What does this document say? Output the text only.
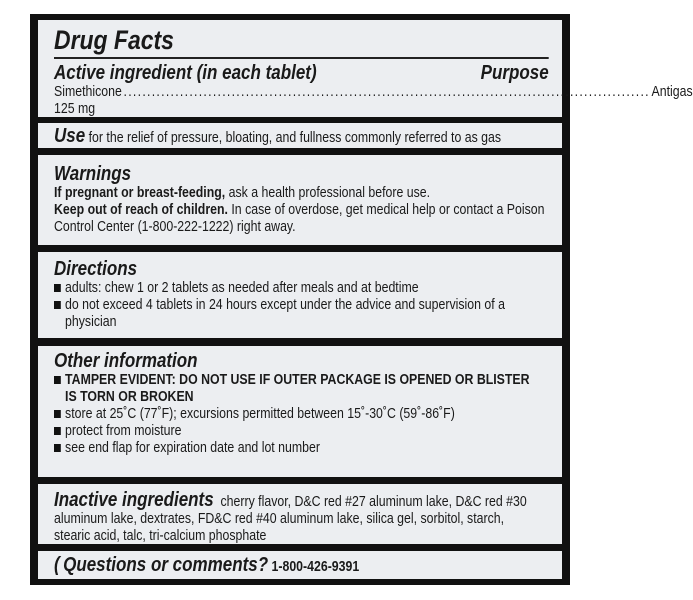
Drug Facts
Active ingredient (in each tablet)	Purpose
Simethicone 125 mg
................................................................................................................ Antigas
Use for the relief of pressure, bloating, and fullness commonly referred to as gas
Warnings
If pregnant or breast-feeding, ask a health professional before use.
Keep out of reach of children. In case of overdose, get medical help or contact a Poison Control Center (1-800-222-1222) right away.
Directions
adults: chew 1 or 2 tablets as needed after meals and at bedtime
do not exceed 4 tablets in 24 hours except under the advice and supervision of a physician
Other information
TAMPER EVIDENT: DO NOT USE IF OUTER PACKAGE IS OPENED OR BLISTER IS TORN OR BROKEN
store at 25˚C (77˚F); excursions permitted between 15˚-30˚C (59˚-86˚F)
protect from moisture
see end flap for expiration date and lot number
Inactive ingredients cherry flavor, D&C red #27 aluminum lake, D&C red #30 aluminum lake, dextrates, FD&C red #40 aluminum lake, silica gel, sorbitol, starch, stearic acid, talc, tri-calcium phosphate
( Questions or comments? 1-800-426-9391
